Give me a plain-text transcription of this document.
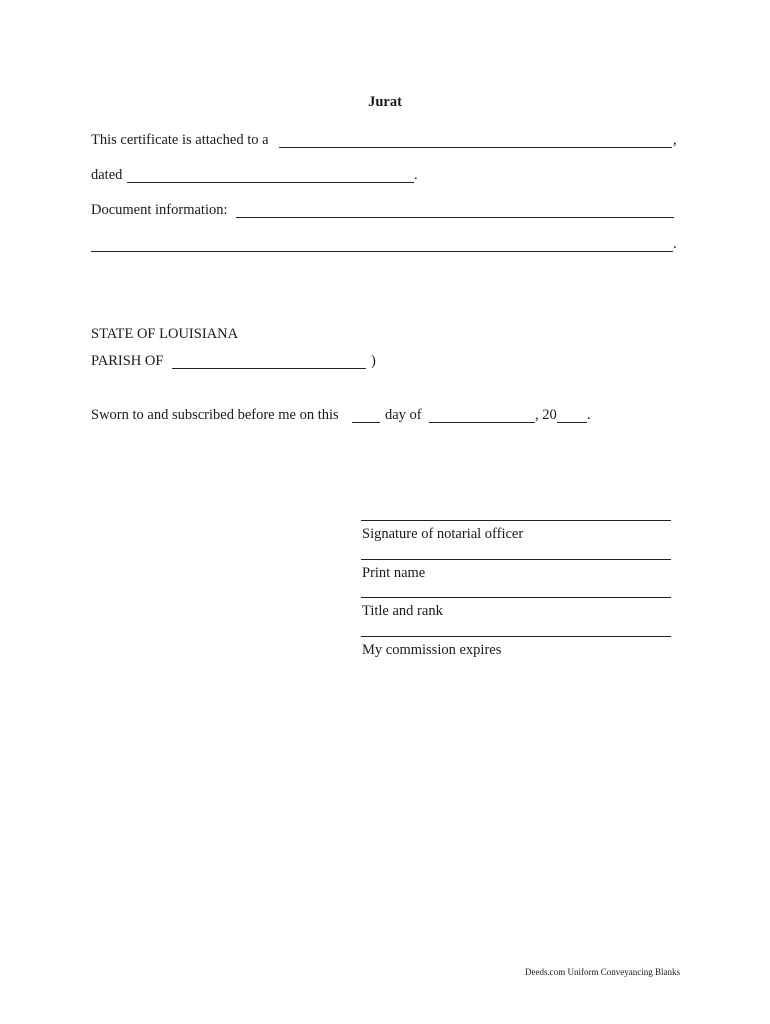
Jurat
This certificate is attached to a	,
dated	.
Document information:
.
STATE OF LOUISIANA
PARISH OF	)
Sworn to and subscribed before me on this	day of	, 20 .
Signature of notarial officer
Print name
Title and rank
My commission expires
Deeds.com Uniform Conveyancing Blanks
